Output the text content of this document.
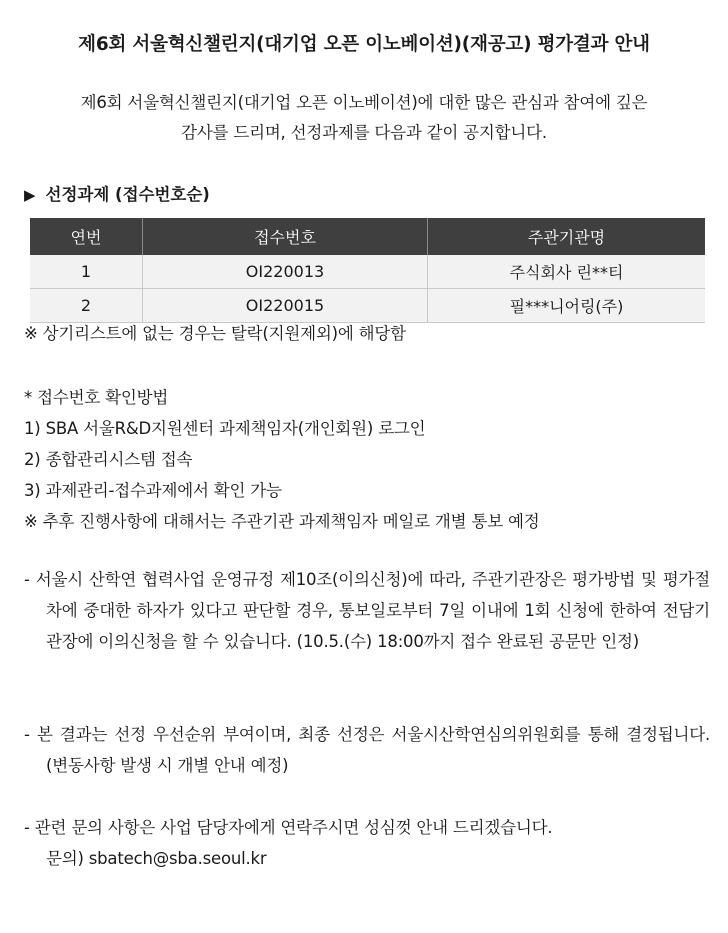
제6회 서울혁신챌린지(대기업 오픈 이노베이션)(재공고) 평가결과 안내
제6회 서울혁신챌린지(대기업 오픈 이노베이션)에 대한 많은 관심과 참여에 깊은
감사를 드리며, 선정과제를 다음과 같이 공지합니다.
▶ 선정과제 (접수번호순)
연번	접수번호	주관기관명
1	OI220013	주식회사 린**티
2	OI220015	필***니어링(주)
※ 상기리스트에 없는 경우는 탈락(지원제외)에 해당함
* 접수번호 확인방법
1) SBA 서울R&D지원센터 과제책임자(개인회원) 로그인
2) 종합관리시스템 접속
3) 과제관리-접수과제에서 확인 가능
※ 추후 진행사항에 대해서는 주관기관 과제책임자 메일로 개별 통보 예정
- 서울시 산학연 협력사업 운영규정 제10조(이의신청)에 따라, 주관기관장은 평가방법 및 평가절차에 중대한 하자가 있다고 판단할 경우, 통보일로부터 7일 이내에 1회 신청에 한하여 전담기관장에 이의신청을 할 수 있습니다. (10.5.(수) 18:00까지 접수 완료된 공문만 인정)
- 본 결과는 선정 우선순위 부여이며, 최종 선정은 서울시산학연심의위원회를 통해 결정됩니다. (변동사항 발생 시 개별 안내 예정)
- 관련 문의 사항은 사업 담당자에게 연락주시면 성심껏 안내 드리겠습니다.
문의) sbatech@sba.seoul.kr
